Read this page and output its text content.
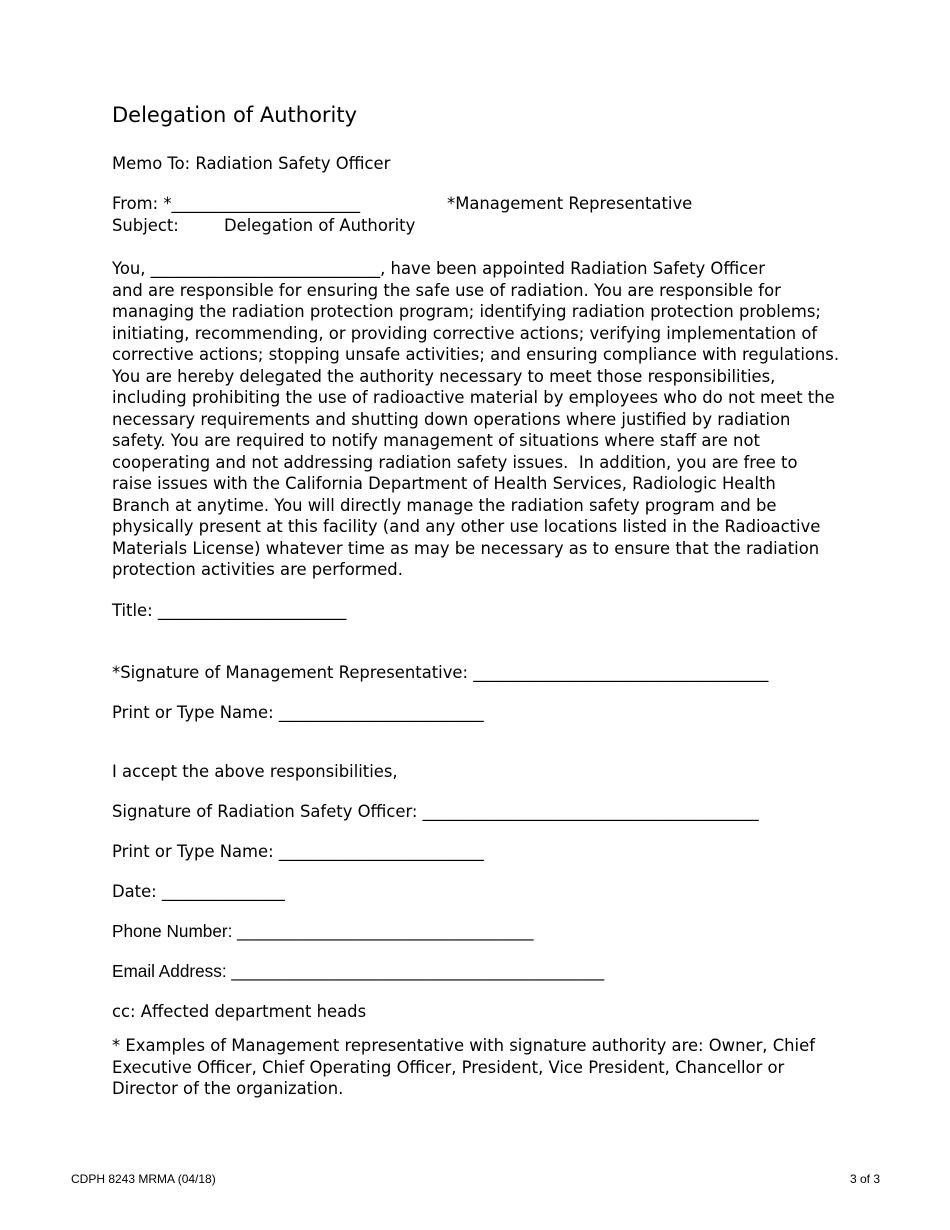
Delegation of Authority
Memo To: Radiation Safety Officer
From: *_______________________	*Management Representative
Subject:	Delegation of Authority
You, ____________________________, have been appointed Radiation Safety Officer
and are responsible for ensuring the safe use of radiation. You are responsible for
managing the radiation protection program; identifying radiation protection problems;
initiating, recommending, or providing corrective actions; verifying implementation of
corrective actions; stopping unsafe activities; and ensuring compliance with regulations.
You are hereby delegated the authority necessary to meet those responsibilities,
including prohibiting the use of radioactive material by employees who do not meet the
necessary requirements and shutting down operations where justified by radiation
safety. You are required to notify management of situations where staff are not
cooperating and not addressing radiation safety issues.  In addition, you are free to
raise issues with the California Department of Health Services, Radiologic Health
Branch at anytime. You will directly manage the radiation safety program and be
physically present at this facility (and any other use locations listed in the Radioactive
Materials License) whatever time as may be necessary as to ensure that the radiation
protection activities are performed.
Title: _______________________
*Signature of Management Representative: ____________________________________
Print or Type Name: _________________________
I accept the above responsibilities,
Signature of Radiation Safety Officer: _________________________________________
Print or Type Name: _________________________
Date: _______________
Phone Number: _______________________________
Email Address: _______________________________________
cc: Affected department heads
* Examples of Management representative with signature authority are: Owner, Chief
Executive Officer, Chief Operating Officer, President, Vice President, Chancellor or
Director of the organization.
CDPH 8243 MRMA (04/18)	3 of 3
